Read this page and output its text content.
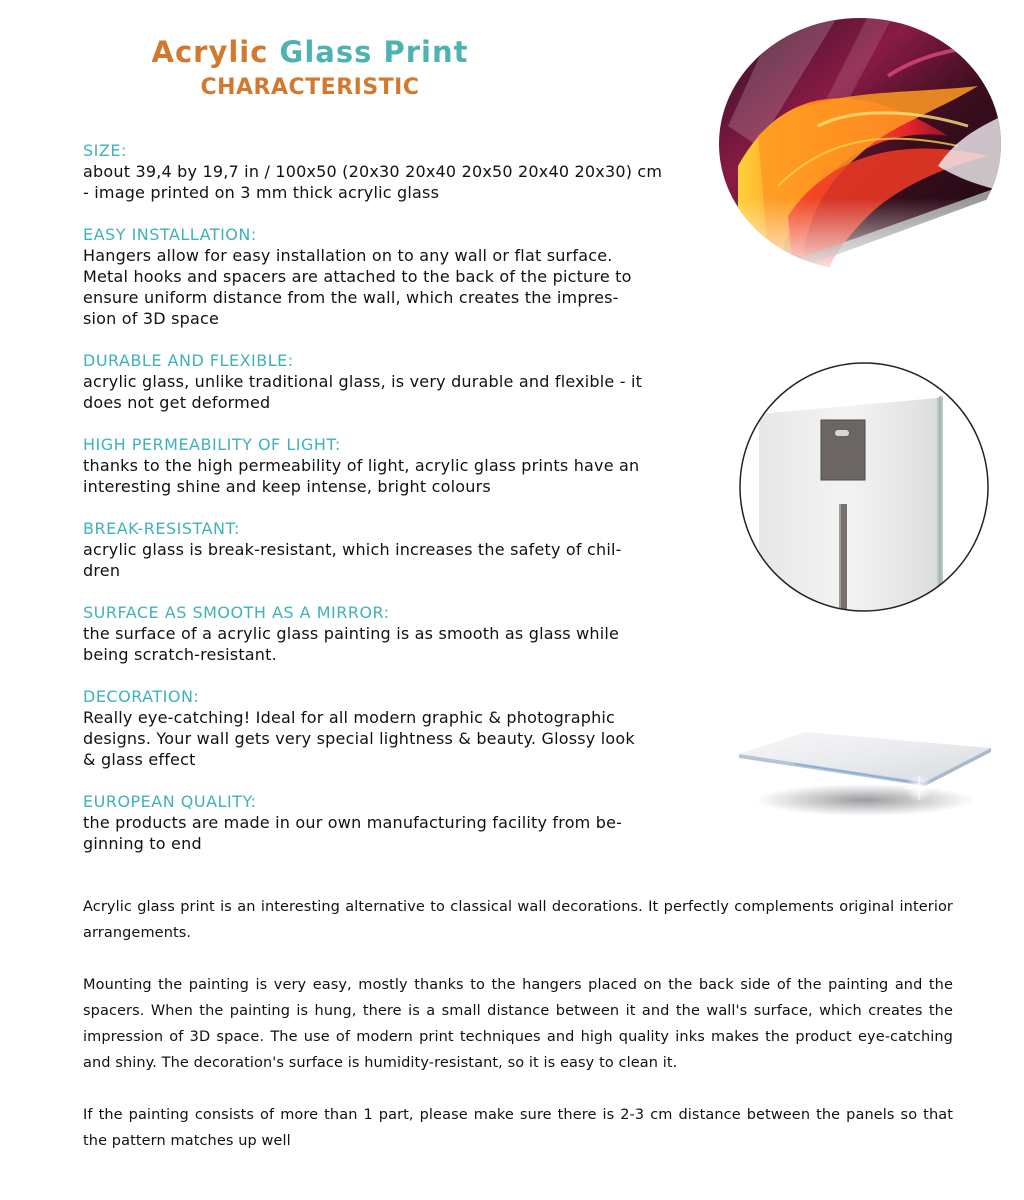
Acrylic Glass Print
CHARACTERISTIC
SIZE:
about 39,4 by 19,7 in / 100x50 (20x30 20x40 20x50 20x40 20x30) cm
- image printed on 3 mm thick acrylic glass
EASY INSTALLATION:
Hangers allow for easy installation on to any wall or flat surface.
Metal hooks and spacers are attached to the back of the picture to
ensure uniform distance from the wall, which creates the impres-
sion of 3D space
DURABLE AND FLEXIBLE:
acrylic glass, unlike traditional glass, is very durable and flexible - it
does not get deformed
HIGH PERMEABILITY OF LIGHT:
thanks to the high permeability of light, acrylic glass prints have an
interesting shine and keep intense, bright colours
BREAK-RESISTANT:
acrylic glass is break-resistant, which increases the safety of chil-
dren
SURFACE AS SMOOTH AS A MIRROR:
the surface of a acrylic glass painting is as smooth as glass while
being scratch-resistant.
DECORATION:
Really eye-catching! Ideal for all modern graphic & photographic
designs. Your wall gets very special lightness & beauty. Glossy look
& glass effect
EUROPEAN QUALITY:
the products are made in our own manufacturing facility from be-
ginning to end

Acrylic glass print is an interesting alternative to classical wall decorations. It perfectly complements original interior arrangements.

Mounting the painting is very easy, mostly thanks to the hangers placed on the back side of the painting and the spacers. When the painting is hung, there is a small distance between it and the wall's surface, which creates the impression of 3D space. The use of modern print techniques and high quality inks makes the product eye-catching and shiny. The decoration's surface is humidity-resistant, so it is easy to clean it.

If the painting consists of more than 1 part, please make sure there is 2-3 cm distance between the panels so that the pattern matches up well
